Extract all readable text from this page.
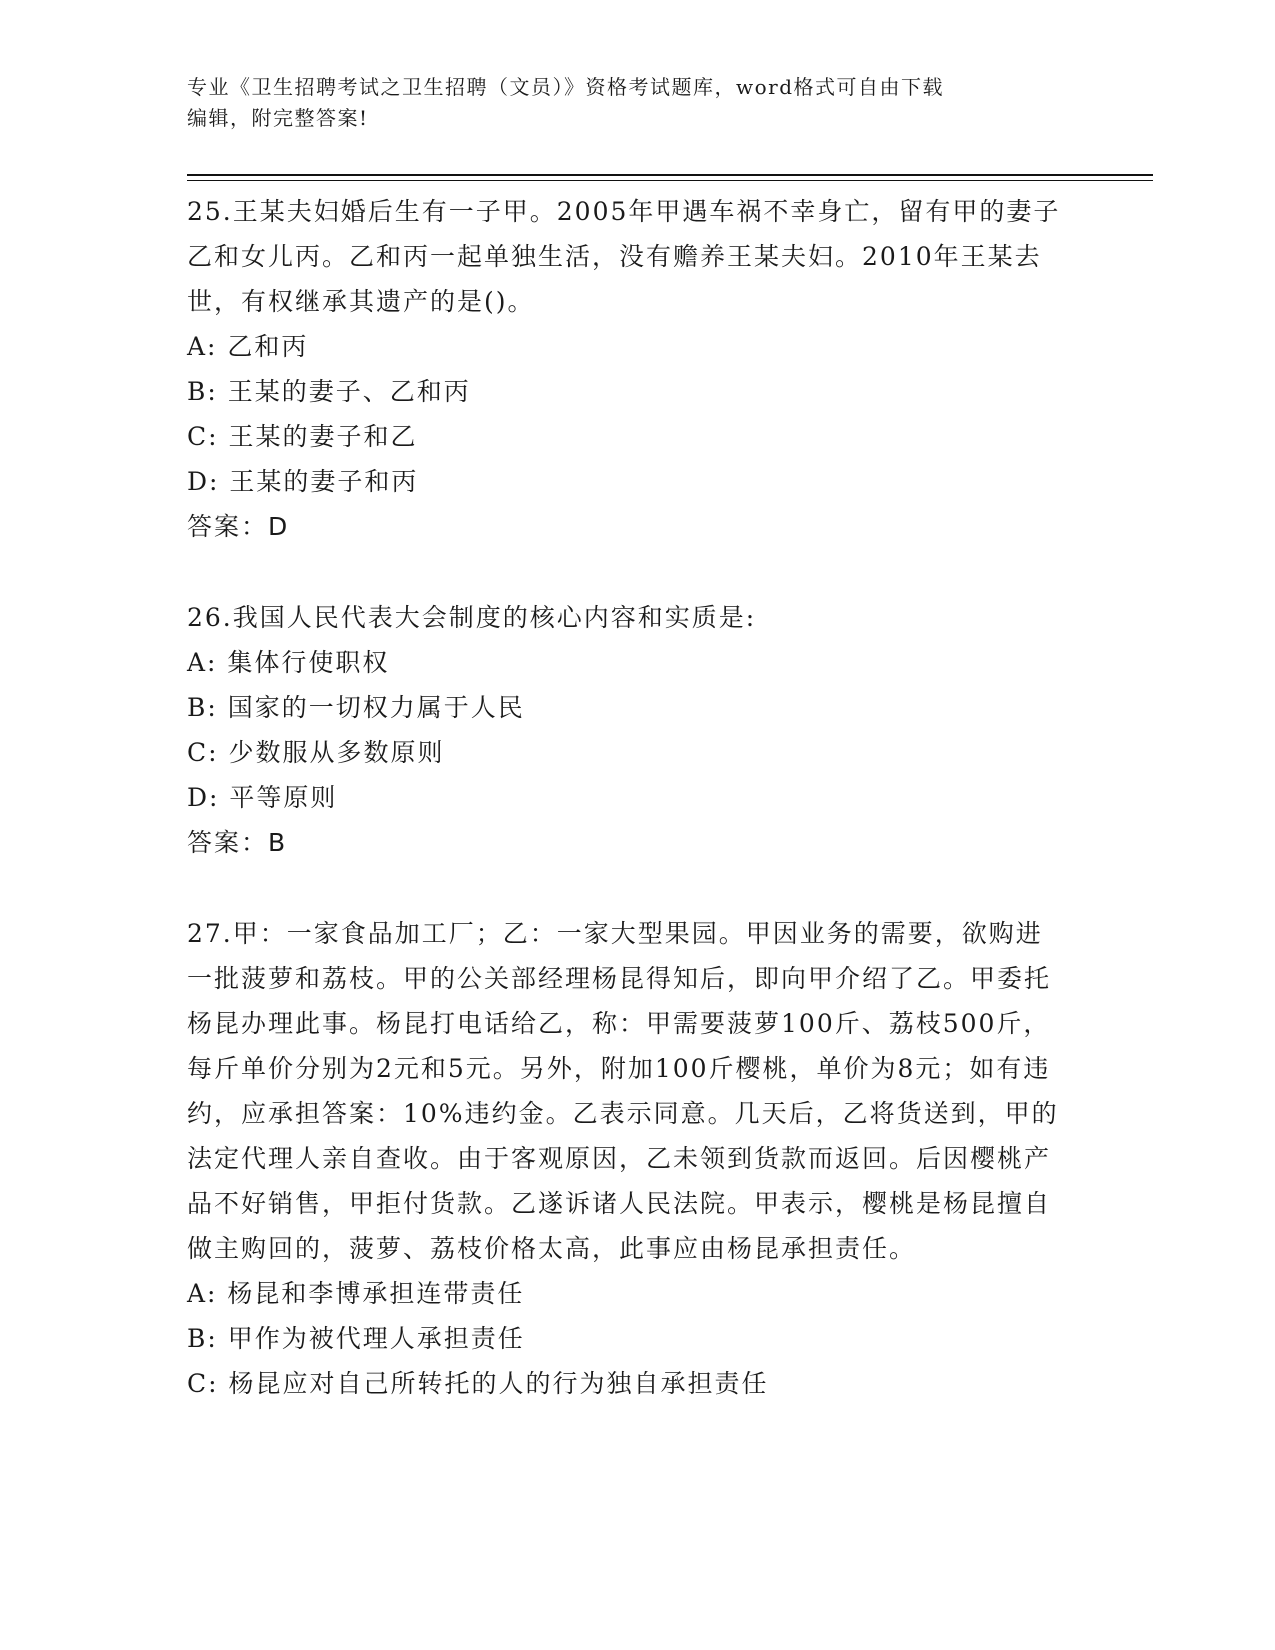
专业《卫生招聘考试之卫生招聘（文员）》资格考试题库，word格式可自由下载
编辑，附完整答案!
25.王某夫妇婚后生有一子甲。2005年甲遇车祸不幸身亡，留有甲的妻子乙和女儿丙。乙和丙一起单独生活，没有赡养王某夫妇。2010年王某去世，有权继承其遗产的是()。
A: 乙和丙
B: 王某的妻子、乙和丙
C: 王某的妻子和乙
D: 王某的妻子和丙
答案：D
26.我国人民代表大会制度的核心内容和实质是:
A: 集体行使职权
B: 国家的一切权力属于人民
C: 少数服从多数原则
D: 平等原则
答案：B
27.甲：一家食品加工厂；乙：一家大型果园。甲因业务的需要，欲购进一批菠萝和荔枝。甲的公关部经理杨昆得知后，即向甲介绍了乙。甲委托杨昆办理此事。杨昆打电话给乙，称：甲需要菠萝100斤、荔枝500斤，每斤单价分别为2元和5元。另外，附加100斤樱桃，单价为8元；如有违约，应承担答案：10%违约金。乙表示同意。几天后，乙将货送到，甲的法定代理人亲自查收。由于客观原因，乙未领到货款而返回。后因樱桃产品不好销售，甲拒付货款。乙遂诉诸人民法院。甲表示，樱桃是杨昆擅自做主购回的，菠萝、荔枝价格太高，此事应由杨昆承担责任。
A: 杨昆和李博承担连带责任
B: 甲作为被代理人承担责任
C: 杨昆应对自己所转托的人的行为独自承担责任
